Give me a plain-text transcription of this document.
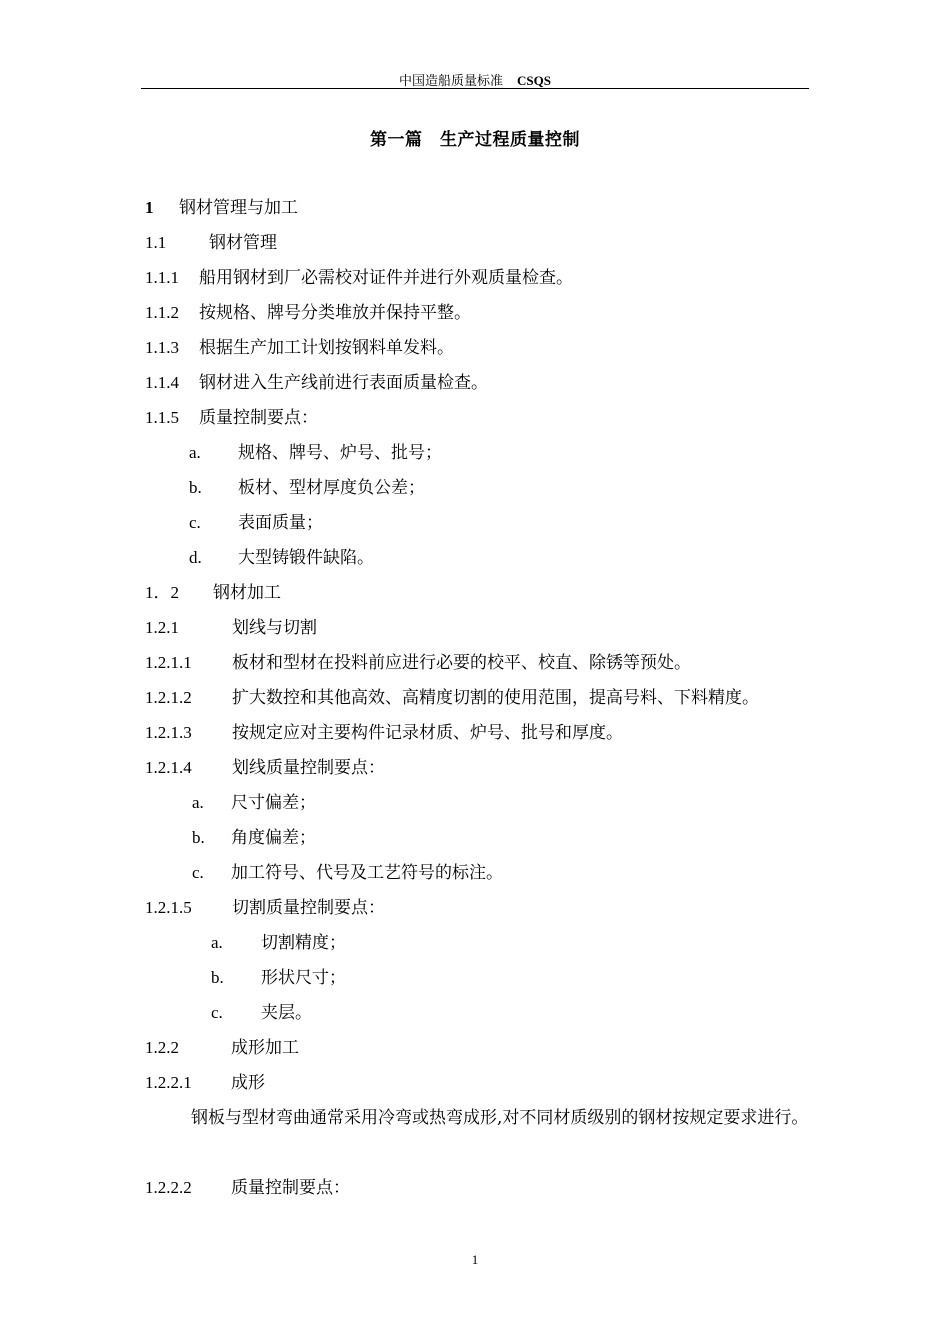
中国造船质量标准 CSQS
第一篇　生产过程质量控制
1 钢材管理与加工
1.1	钢材管理
1.1.1 船用钢材到厂必需校对证件并进行外观质量检查。
1.1.2 按规格、牌号分类堆放并保持平整。
1.1.3 根据生产加工计划按钢料单发料。
1.1.4 钢材进入生产线前进行表面质量检查。
1.1.5 质量控制要点：
a. 规格、牌号、炉号、批号；
b. 板材、型材厚度负公差；
c. 表面质量；
d. 大型铸锻件缺陷。
1．2 钢材加工
1.2.1	划线与切割
1.2.1.1 板材和型材在投料前应进行必要的校平、校直、除锈等预处。
1.2.1.2 扩大数控和其他高效、高精度切割的使用范围，提高号料、下料精度。
1.2.1.3 按规定应对主要构件记录材质、炉号、批号和厚度。
1.2.1.4 划线质量控制要点：
a. 尺寸偏差；
b. 角度偏差；
c. 加工符号、代号及工艺符号的标注。
1.2.1.5 切割质量控制要点：
a. 切割精度；
b. 形状尺寸；
c. 夹层。
1.2.2	成形加工
1.2.2.1 成形
钢板与型材弯曲通常采用冷弯或热弯成形,对不同材质级别的钢材按规定要求进行。
1.2.2.2 质量控制要点：
1
